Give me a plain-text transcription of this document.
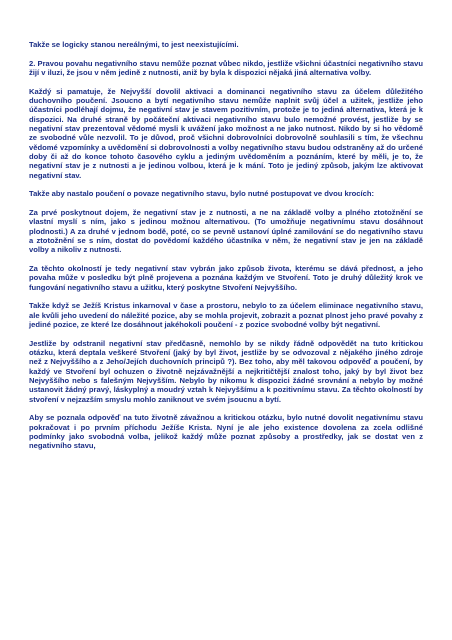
Takže se logicky stanou nereálnými, to jest neexistujícími.

2. Pravou povahu negativního stavu nemůže poznat vůbec nikdo, jestliže všichni účastníci negativního stavu žijí v iluzi, že jsou v něm jedině z nutnosti, aniž by byla k dispozici nějaká jiná alternativa volby.

Každý si pamatuje, že Nejvyšší dovolil aktivaci a dominanci negativního stavu za účelem důležitého duchovního poučení. Jsoucno a bytí negativního stavu nemůže naplnit svůj účel a užitek, jestliže jeho účastníci podléhají dojmu, že negativní stav je stavem pozitivním, protože je to jediná alternativa, která je k dispozici. Na druhé straně by počáteční aktivaci negativního stavu bulo nemožné provést, jestliže by se negativní stav prezentoval vědomé mysli k uvážení jako možnost a ne jako nutnost. Nikdo by si ho vědomě ze svobodné vůle nezvolil. To je důvod, proč všichni dobrovolníci dobrovolně souhlasili s tím, že všechnu vědomé vzpomínky a uvědomění si dobrovolnosti a volby negativního stavu budou odstraněny až do určené doby či až do konce tohoto časového cyklu a jediným uvědoměním a poznáním, které by měli, je to, že negativní stav je z nutnosti a je jedinou volbou, která je k mání. Toto je jediný způsob, jakým lze aktivovat negativní stav.

Takže aby nastalo poučení o povaze negativního stavu, bylo nutné postupovat ve dvou krocích:

Za prvé poskytnout dojem, že negativní stav je z nutnosti, a ne na základě volby a plného ztotožnění se vlastní myslí s ním, jako s jedinou možnou alternativou. (To umožňuje negativnímu stavu dosáhnout plodnosti.) A za druhé v jednom bodě, poté, co se pevně ustanoví úplné zamilování se do negativního stavu a ztotožnění se s ním, dostat do povědomí každého účastníka v něm, že negativní stav je jen na základě volby a nikoliv z nutnosti.

Za těchto okolností je tedy negativní stav vybrán jako způsob života, kterému se dává přednost, a jeho povaha může v posledku být plně projevena a poznána každým ve Stvoření. Toto je druhý důležitý krok ve fungování negativního stavu a užitku, který poskytne Stvoření Nejvyššího.

Takže když se Ježíš Kristus inkarnoval v čase a prostoru, nebylo to za účelem eliminace negativního stavu, ale kvůli jeho uvedení do náležité pozice, aby se mohla projevit, zobrazit a poznat plnost jeho pravé povahy z jediné pozice, ze které lze dosáhnout jakéhokoli poučení - z pozice svobodné volby být negativní.

Jestliže by odstranil negativní stav předčasně, nemohlo by se nikdy řádně odpovědět na tuto kritickou otázku, která deptala veškeré Stvoření (jaký by byl život, jestliže by se odvozoval z nějakého jiného zdroje než z Nejvyššího a z Jeho/Jejích duchovních principů ?). Bez toho, aby měl takovou odpověď a poučení, by každý ve Stvoření byl ochuzen o životně nejzávažnější a nejkritičtější znalost toho, jaký by byl život bez Nejvyššího nebo s falešným Nejvyšším. Nebylo by nikomu k dispozici žádné srovnání a nebylo by možné ustanovit žádný pravý, láskyplný a moudrý vztah k Nejvyššímu a k pozitivnímu stavu. Za těchto okolností by stvoření v nejzazším smyslu mohlo zaniknout ve svém jsoucnu a bytí.

Aby se poznala odpověď na tuto životně závažnou a kritickou otázku, bylo nutné dovolit negativnímu stavu pokračovat i po prvním příchodu Ježíše Krista. Nyní je ale jeho existence dovolena za zcela odlišné podmínky jako svobodná volba, jelikož každý může poznat způsoby a prostředky, jak se dostat ven z negativního stavu,
